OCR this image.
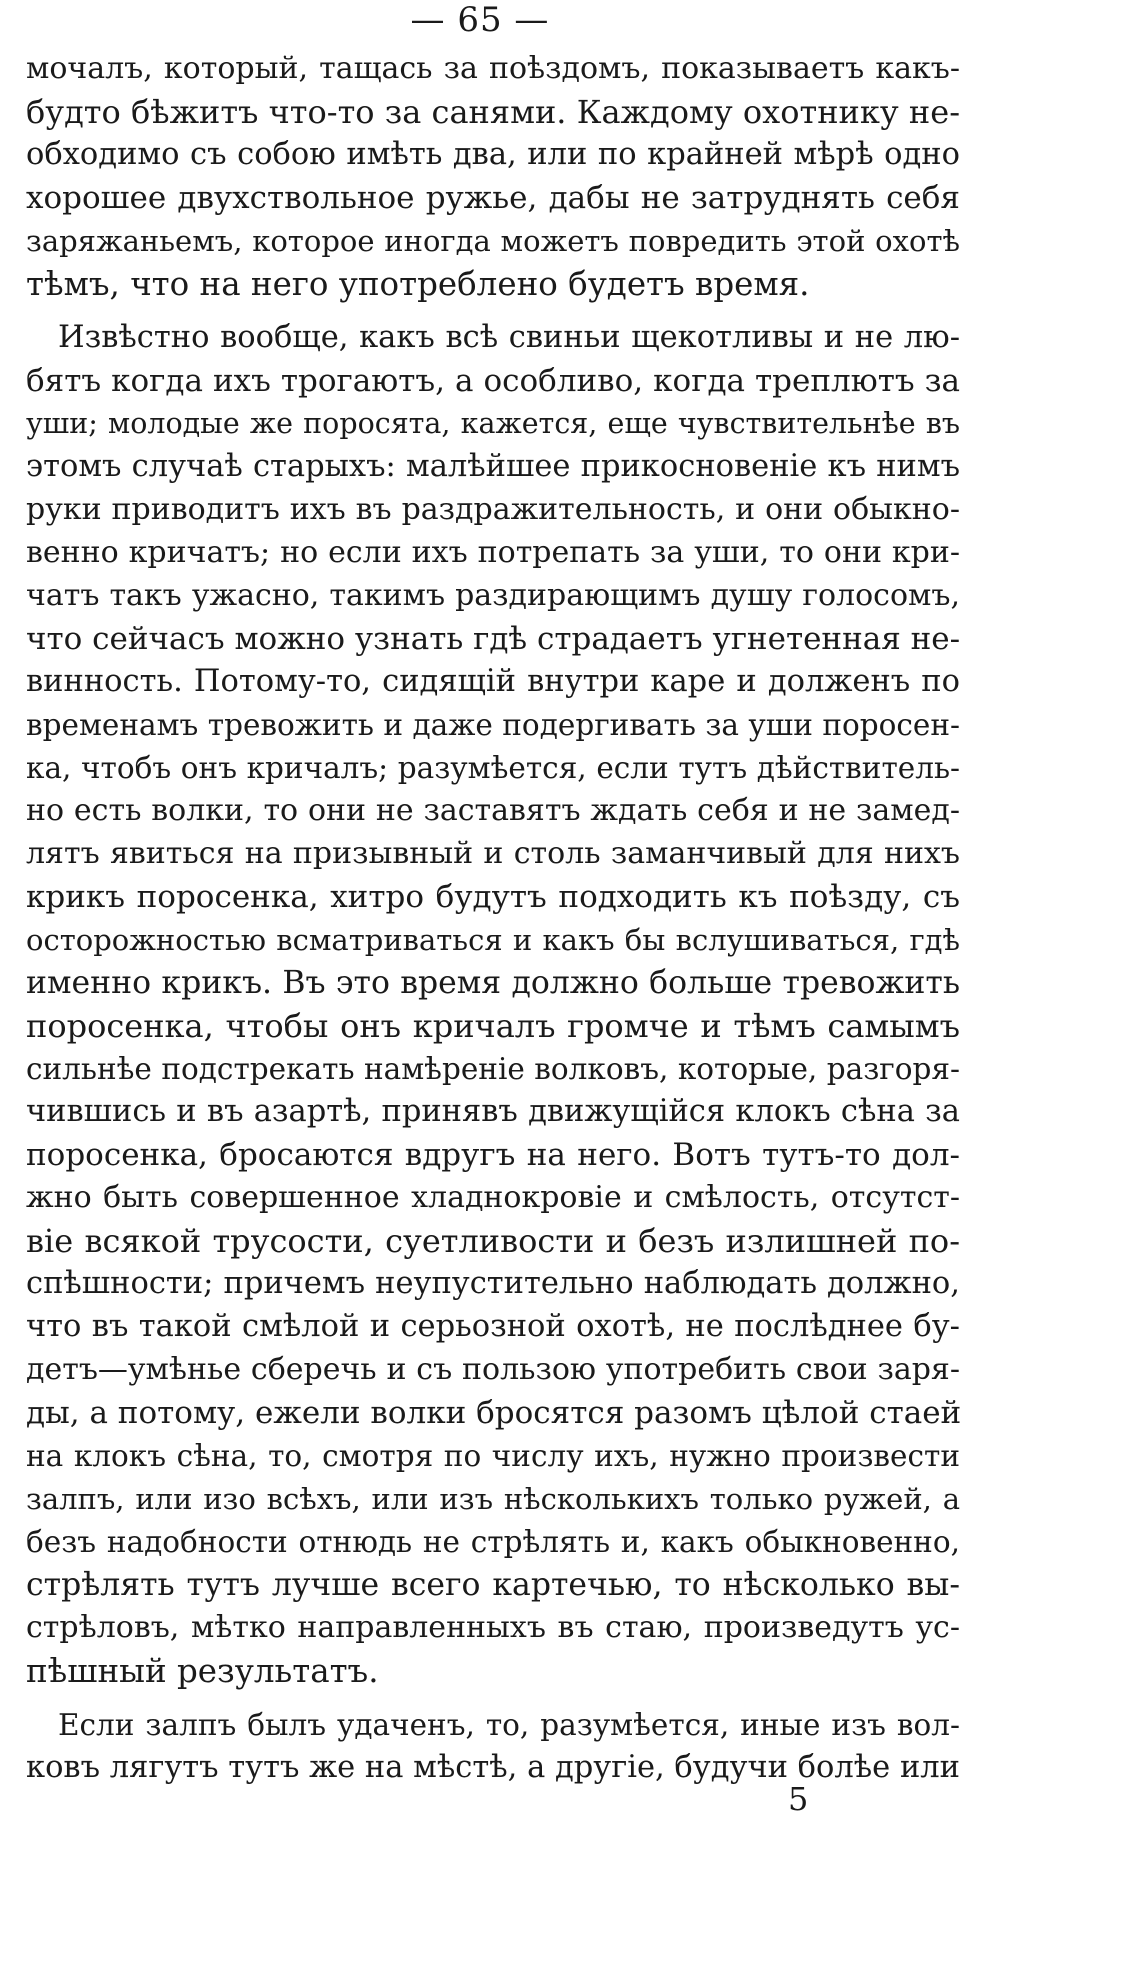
— 65 —
мочалъ, который, тащась за поѣздомъ, показываетъ какъ-
будто бѣжитъ что-то за санями. Каждому охотнику не-
обходимо съ собою имѣть два, или по крайней мѣрѣ одно
хорошее двухствольное ружье, дабы не затруднять себя
заряжаньемъ, которое иногда можетъ повредить этой охотѣ
тѣмъ, что на него употреблено будетъ время.
Извѣстно вообще, какъ всѣ свиньи щекотливы и не лю-
бятъ когда ихъ трогаютъ, а особливо, когда треплютъ за
уши; молодые же поросята, кажется, еще чувствительнѣе въ
этомъ случаѣ старыхъ: малѣйшее прикосновеніе къ нимъ
руки приводитъ ихъ въ раздражительность, и они обыкно-
венно кричатъ; но если ихъ потрепать за уши, то они кри-
чатъ такъ ужасно, такимъ раздирающимъ душу голосомъ,
что сейчасъ можно узнать гдѣ страдаетъ угнетенная не-
винность. Потому-то, сидящій внутри каре и долженъ по
временамъ тревожить и даже подергивать за уши поросен-
ка, чтобъ онъ кричалъ; разумѣется, если тутъ дѣйствитель-
но есть волки, то они не заставятъ ждать себя и не замед-
лятъ явиться на призывный и столь заманчивый для нихъ
крикъ поросенка, хитро будутъ подходить къ поѣзду, съ
осторожностью всматриваться и какъ бы вслушиваться, гдѣ
именно крикъ. Въ это время должно больше тревожить
поросенка, чтобы онъ кричалъ громче и тѣмъ самымъ
сильнѣе подстрекать намѣреніе волковъ, которые, разгоря-
чившись и въ азартѣ, принявъ движущійся клокъ сѣна за
поросенка, бросаются вдругъ на него. Вотъ тутъ-то дол-
жно быть совершенное хладнокровіе и смѣлость, отсутст-
віе всякой трусости, суетливости и безъ излишней по-
спѣшности; причемъ неупустительно наблюдать должно,
что въ такой смѣлой и серьозной охотѣ, не послѣднее бу-
детъ—умѣнье сберечь и съ пользою употребить свои заря-
ды, а потому, ежели волки бросятся разомъ цѣлой стаей
на клокъ сѣна, то, смотря по числу ихъ, нужно произвести
залпъ, или изо всѣхъ, или изъ нѣсколькихъ только ружей, а
безъ надобности отнюдь не стрѣлять и, какъ обыкновенно,
стрѣлять тутъ лучше всего картечью, то нѣсколько вы-
стрѣловъ, мѣтко направленныхъ въ стаю, произведутъ ус-
пѣшный результатъ.
Если залпъ былъ удаченъ, то, разумѣется, иные изъ вол-
ковъ лягутъ тутъ же на мѣстѣ, а другіе, будучи болѣе или
5
